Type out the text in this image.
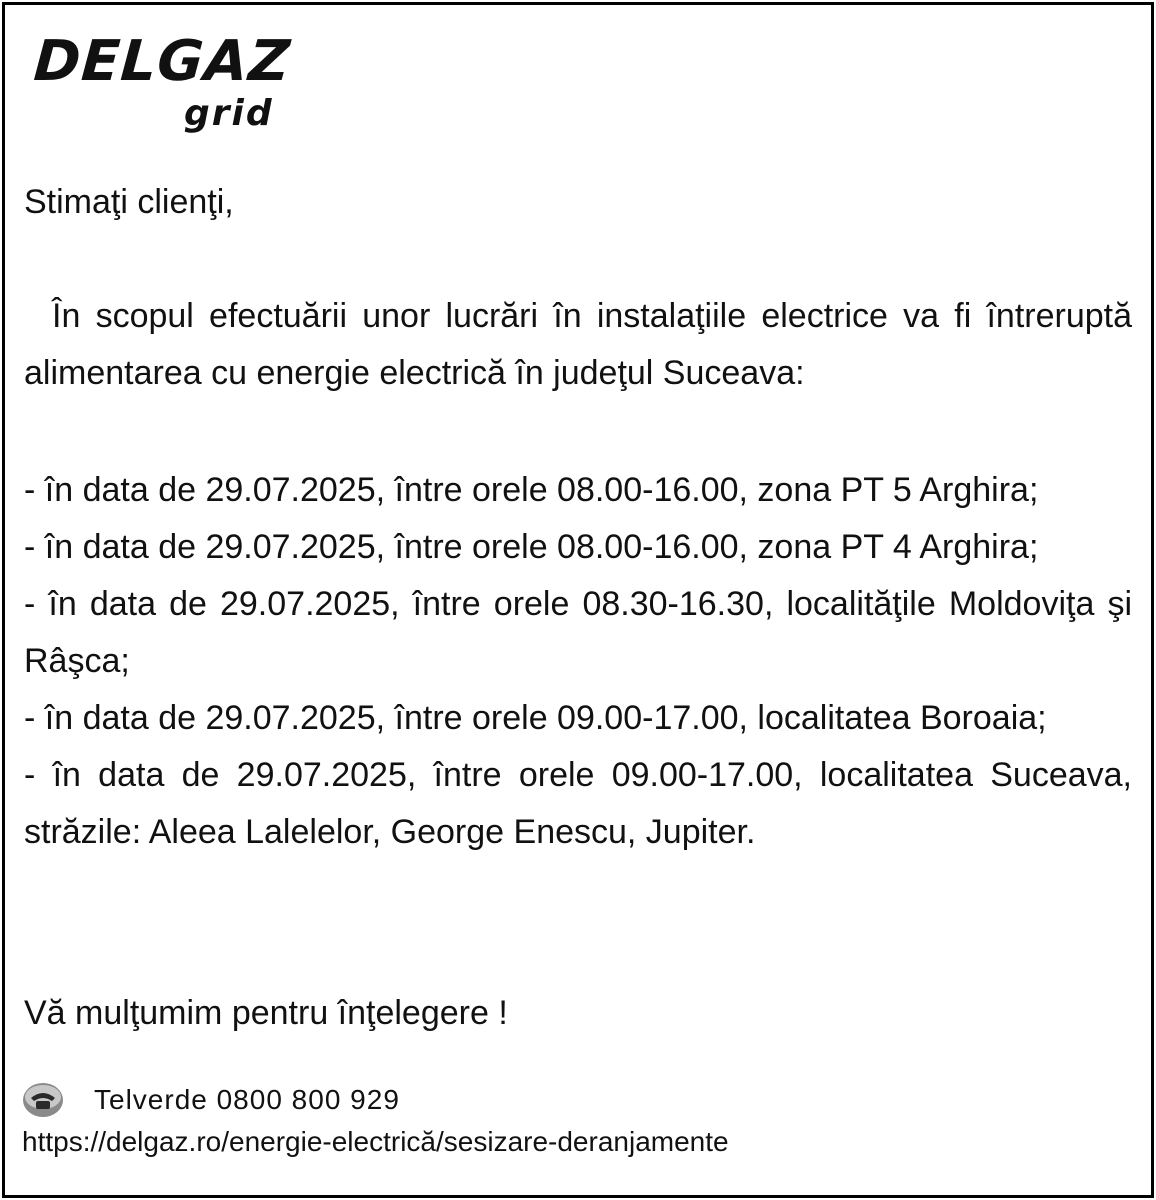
DELGAZ
grid
Stimaţi clienţi,
În scopul efectuării unor lucrări în instalaţiile electrice va fi întreruptă alimentarea cu energie electrică în judeţul Suceava:
- în data de 29.07.2025, între orele 08.00-16.00, zona PT 5 Arghira;
- în data de 29.07.2025, între orele 08.00-16.00, zona PT 4 Arghira;
- în data de 29.07.2025, între orele 08.30-16.30, localităţile Moldoviţa şi Râşca;
- în data de 29.07.2025, între orele 09.00-17.00, localitatea Boroaia;
- în data de 29.07.2025, între orele 09.00-17.00, localitatea Suceava, străzile: Aleea Lalelelor, George Enescu, Jupiter.
Vă mulţumim pentru înţelegere !
Telverde 0800 800 929
https://delgaz.ro/energie-electrică/sesizare-deranjamente
